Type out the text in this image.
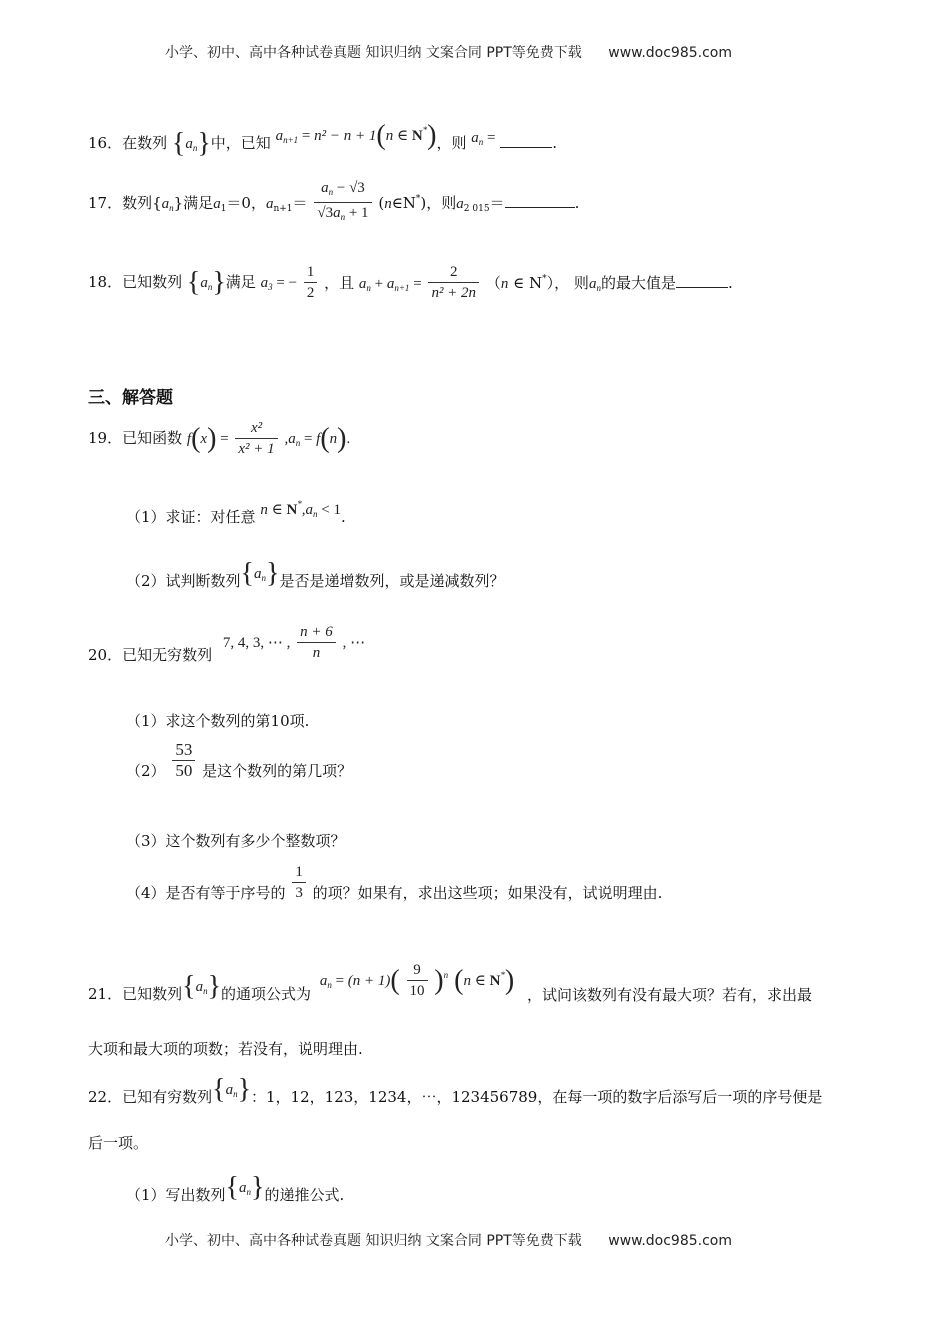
小学、初中、高中各种试卷真题 知识归纳 文案合同 PPT等免费下载 www.doc985.com
16．在数列 $\{a_n\}$中，已知 $a_{n+1} = n^2 - n + 1(n$ ∈ N*)，则 $a_n$ =	.
17．数列$\{a_n\}$满足$a_1=0$，$a_{n+1}= \frac{a_n - √3}{√3a_n + 1}$ (n∈N*)，则$a_{2 015}=$	.
18．已知数列 $\{a_n\}$满足 $a_3$ = − $\frac{1}{2}$ ，且 $a_n + a_{n+1} = \frac{2}{\text{n² + 2n}} (n$ ∈ N*）， 则$a_n$的最大值是	.
三、解答题
19．已知函数 $f(x) = \frac{\text{x²}}{\text{x² + 1}} ,a_n = f(n)$.
（1）求证：对任意 n ∈ $N^*,a_n < 1$.
（2）试判断数列$\{a_n\}$是否是递增数列，或是递减数列？
20．已知无穷数列 7, 4, 3, ⋯ , $\frac{n + 6}{n}$ , ⋯
（1）求这个数列的第10项.
$(2) \frac{53}{50}$ 是这个数列的第几项？
（3）这个数列有多少个整数项？
（4）是否有等于序号的 $\frac{1}{3}$ 的项？如果有，求出这些项；如果没有，试说明理由.
21．已知数列$\{a_n\}$的通项公式为 $a_n = (n + 1)( \frac{9}{10} )^n$ (n ∈ N*) ，试问该数列有没有最大项？若有，求出最
大项和最大项的项数；若没有，说明理由.
22．已知有穷数列$\{a_n\}$：1，12，123，1234，⋯，123456789，在每一项的数字后添写后一项的序号便是
后一项。
（1）写出数列$\{a_n\}$的递推公式.
小学、初中、高中各种试卷真题 知识归纳 文案合同 PPT等免费下载 www.doc985.com
